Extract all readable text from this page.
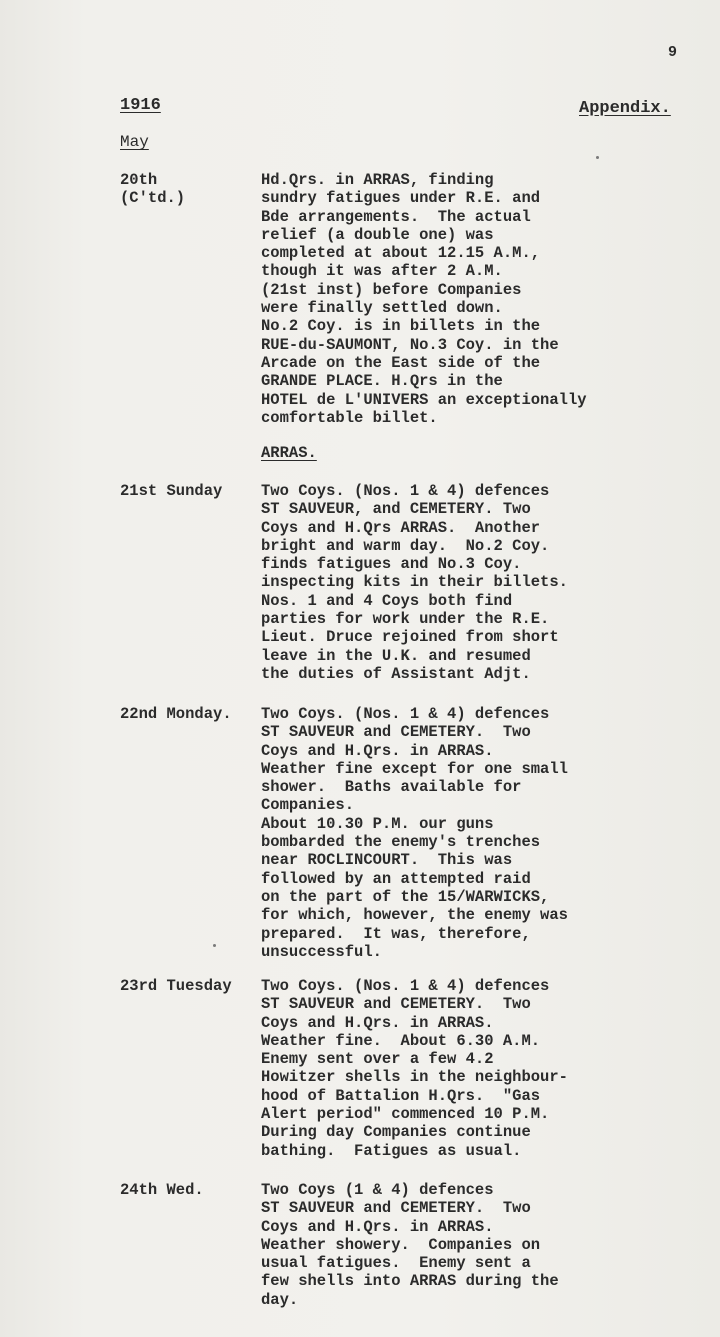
9
1916	Appendix.
May
20th
(C'td.)
Hd.Qrs. in ARRAS, finding
sundry fatigues under R.E. and
Bde arrangements.  The actual
relief (a double one) was
completed at about 12.15 A.M.,
though it was after 2 A.M.
(21st inst) before Companies
were finally settled down.
No.2 Coy. is in billets in the
RUE-du-SAUMONT, No.3 Coy. in the
Arcade on the East side of the
GRANDE PLACE. H.Qrs in the
HOTEL de L'UNIVERS an exceptionally
comfortable billet.
ARRAS.
21st Sunday Two Coys. (Nos. 1 & 4) defences
ST SAUVEUR, and CEMETERY. Two
Coys and H.Qrs ARRAS.  Another
bright and warm day.  No.2 Coy.
finds fatigues and No.3 Coy.
inspecting kits in their billets.
Nos. 1 and 4 Coys both find
parties for work under the R.E.
Lieut. Druce rejoined from short
leave in the U.K. and resumed
the duties of Assistant Adjt.
22nd Monday. Two Coys. (Nos. 1 & 4) defences
ST SAUVEUR and CEMETERY.  Two
Coys and H.Qrs. in ARRAS.
Weather fine except for one small
shower.  Baths available for
Companies.
About 10.30 P.M. our guns
bombarded the enemy's trenches
near ROCLINCOURT.  This was
followed by an attempted raid
on the part of the 15/WARWICKS,
for which, however, the enemy was
prepared.  It was, therefore,
unsuccessful.
23rd Tuesday Two Coys. (Nos. 1 & 4) defences
ST SAUVEUR and CEMETERY.  Two
Coys and H.Qrs. in ARRAS.
Weather fine.  About 6.30 A.M.
Enemy sent over a few 4.2
Howitzer shells in the neighbour-
hood of Battalion H.Qrs.  "Gas
Alert period" commenced 10 P.M.
During day Companies continue
bathing.  Fatigues as usual.
24th Wed.	Two Coys (1 & 4) defences
ST SAUVEUR and CEMETERY.  Two
Coys and H.Qrs. in ARRAS.
Weather showery.  Companies on
usual fatigues.  Enemy sent a
few shells into ARRAS during the
day.
